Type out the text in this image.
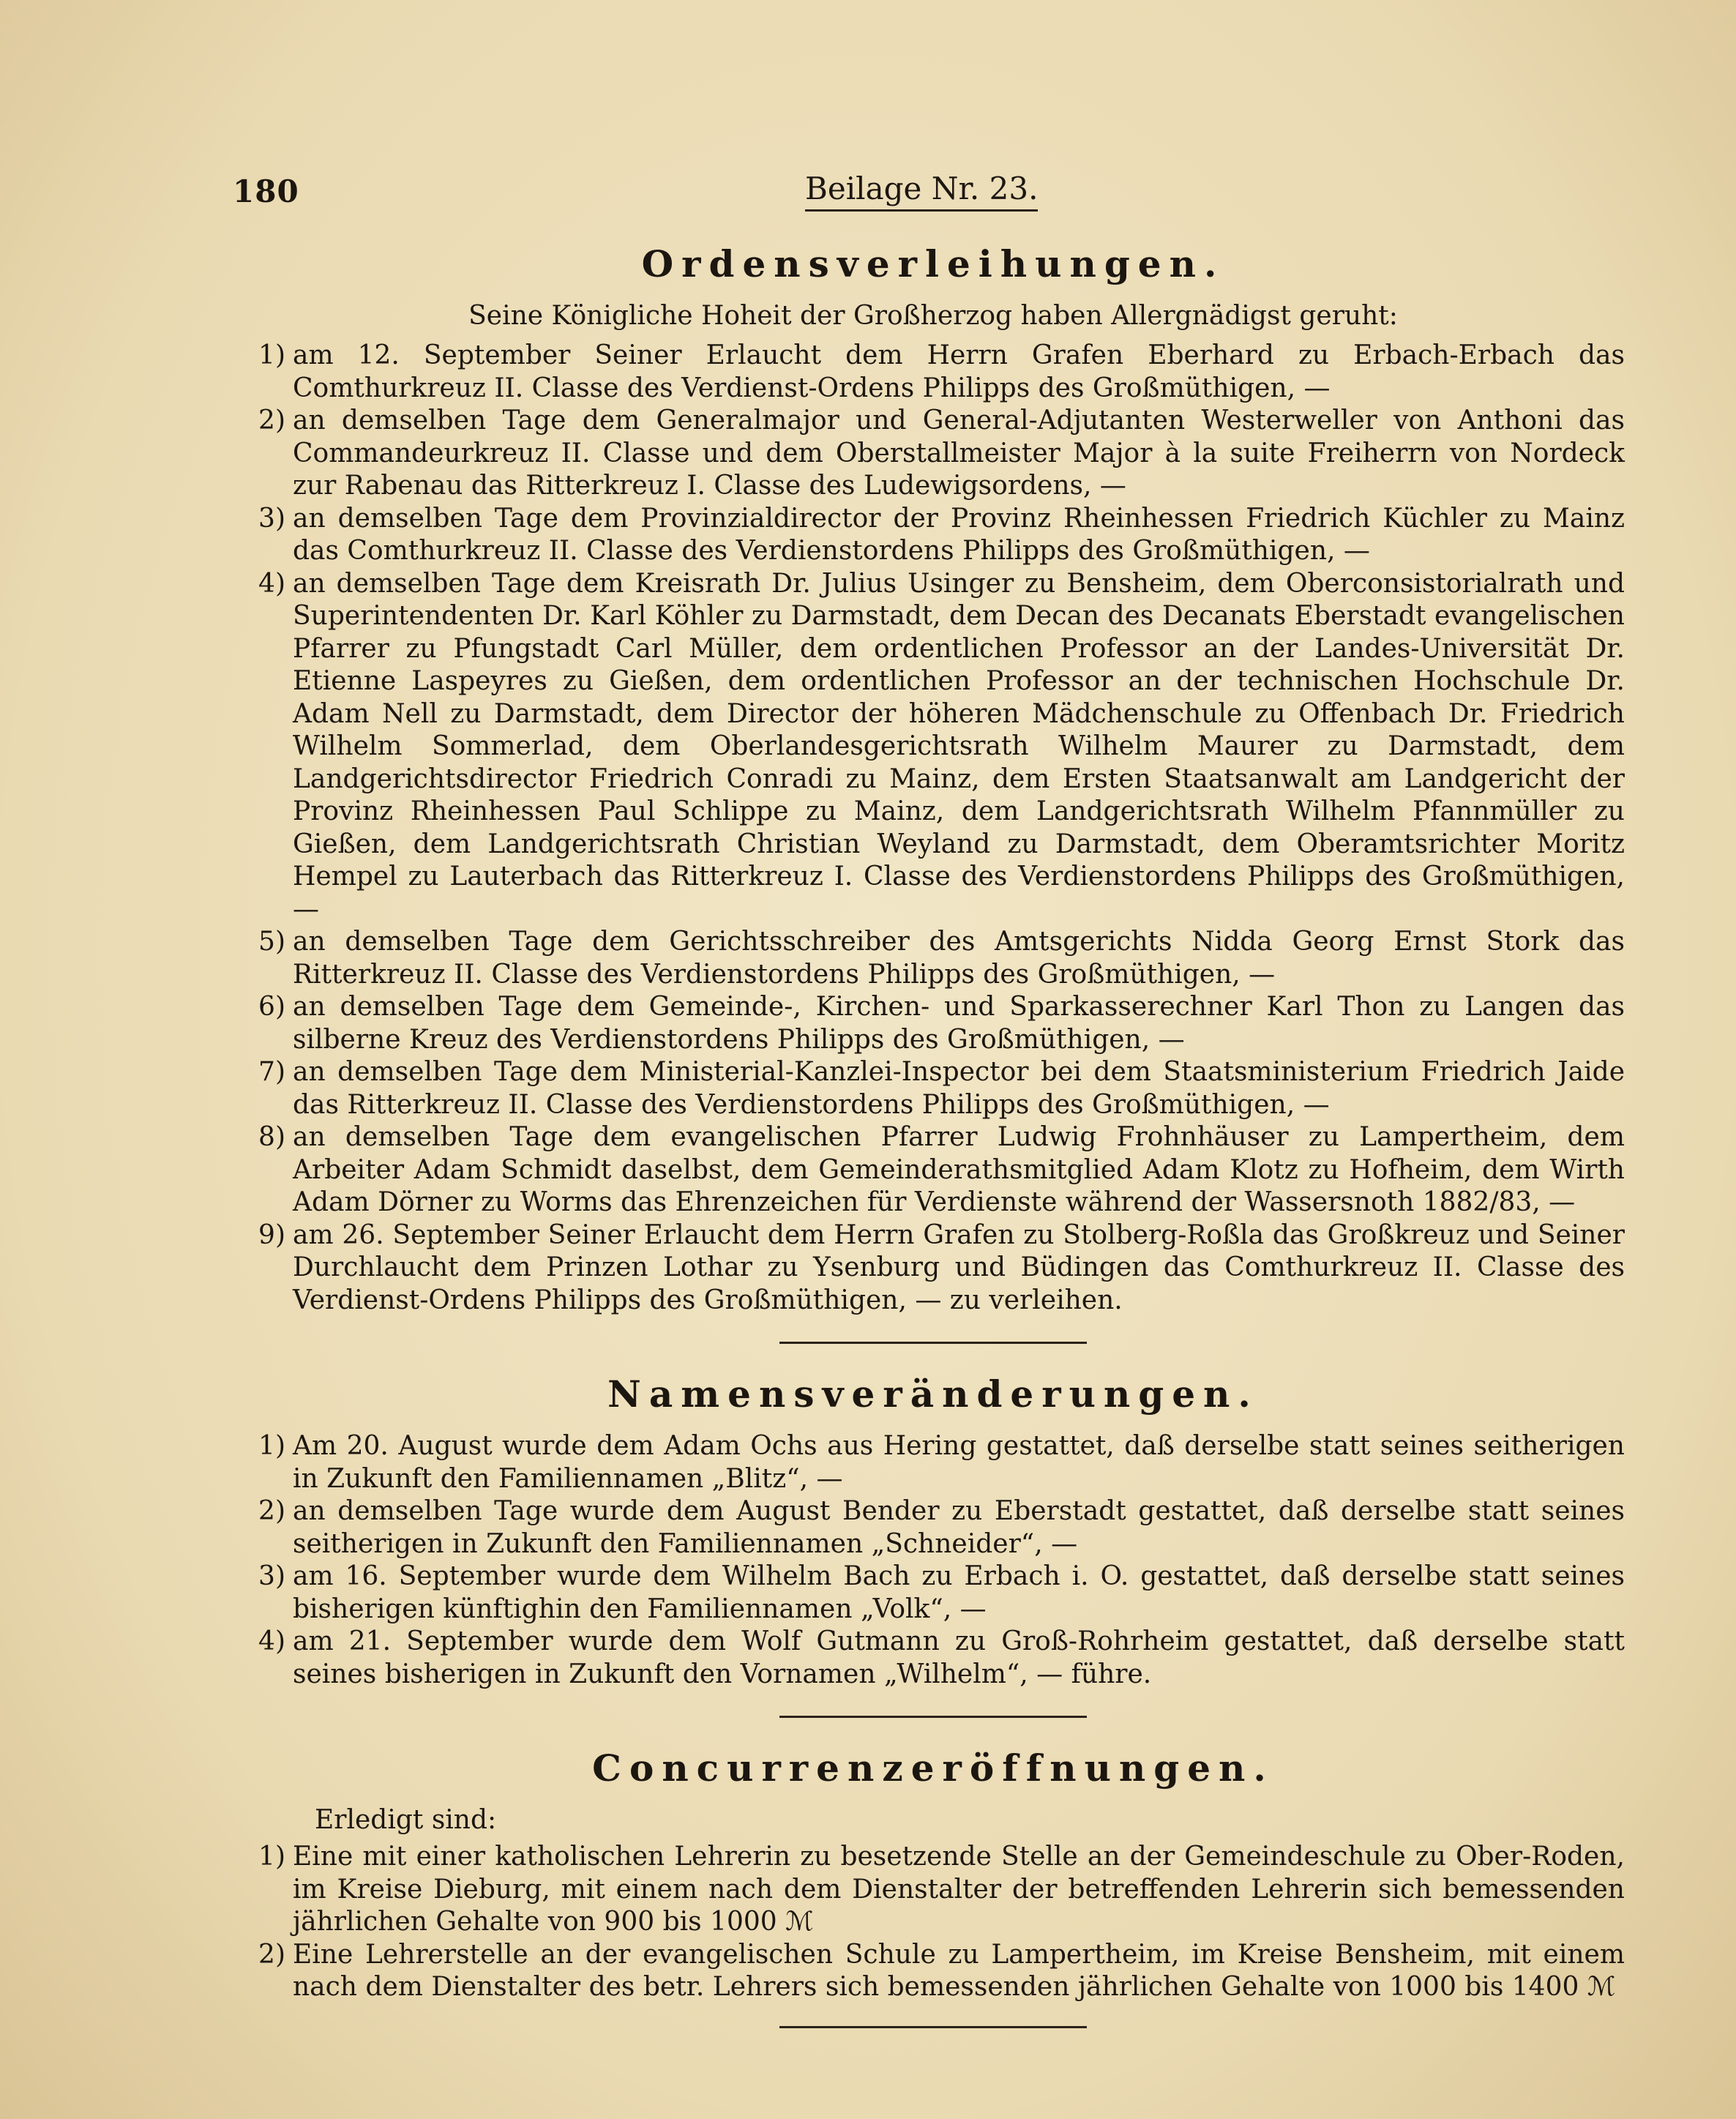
180	Beilage Nr. 23.
Ordensverleihungen.

Seine Königliche Hoheit der Großherzog haben Allergnädigst geruht:

1) am 12. September Seiner Erlaucht dem Herrn Grafen Eberhard zu Erbach-Erbach das Comthurkreuz II. Classe des Verdienst-Ordens Philipps des Großmüthigen, —
2) an demselben Tage dem Generalmajor und General-Adjutanten Westerweller von Anthoni das Commandeurkreuz II. Classe und dem Oberstallmeister Major à la suite Freiherrn von Nordeck zur Rabenau das Ritterkreuz I. Classe des Ludewigsordens, —
3) an demselben Tage dem Provinzialdirector der Provinz Rheinhessen Friedrich Küchler zu Mainz das Comthurkreuz II. Classe des Verdienstordens Philipps des Großmüthigen, —
4) an demselben Tage dem Kreisrath Dr. Julius Usinger zu Bensheim, dem Oberconsistorialrath und Superintendenten Dr. Karl Köhler zu Darmstadt, dem Decan des Decanats Eberstadt evangelischen Pfarrer zu Pfungstadt Carl Müller, dem ordentlichen Professor an der Landes-Universität Dr. Etienne Laspeyres zu Gießen, dem ordentlichen Professor an der technischen Hochschule Dr. Adam Nell zu Darmstadt, dem Director der höheren Mädchenschule zu Offenbach Dr. Friedrich Wilhelm Sommerlad, dem Oberlandesgerichtsrath Wilhelm Maurer zu Darmstadt, dem Landgerichtsdirector Friedrich Conradi zu Mainz, dem Ersten Staatsanwalt am Landgericht der Provinz Rheinhessen Paul Schlippe zu Mainz, dem Landgerichtsrath Wilhelm Pfannmüller zu Gießen, dem Landgerichtsrath Christian Weyland zu Darmstadt, dem Oberamtsrichter Moritz Hempel zu Lauterbach das Ritterkreuz I. Classe des Verdienstordens Philipps des Großmüthigen, —
5) an demselben Tage dem Gerichtsschreiber des Amtsgerichts Nidda Georg Ernst Stork das Ritterkreuz II. Classe des Verdienstordens Philipps des Großmüthigen, —
6) an demselben Tage dem Gemeinde-, Kirchen- und Sparkasserechner Karl Thon zu Langen das silberne Kreuz des Verdienstordens Philipps des Großmüthigen, —
7) an demselben Tage dem Ministerial-Kanzlei-Inspector bei dem Staatsministerium Friedrich Jaide das Ritterkreuz II. Classe des Verdienstordens Philipps des Großmüthigen, —
8) an demselben Tage dem evangelischen Pfarrer Ludwig Frohnhäuser zu Lampertheim, dem Arbeiter Adam Schmidt daselbst, dem Gemeinderathsmitglied Adam Klotz zu Hofheim, dem Wirth Adam Dörner zu Worms das Ehrenzeichen für Verdienste während der Wassersnoth 1882/83, —
9) am 26. September Seiner Erlaucht dem Herrn Grafen zu Stolberg-Roßla das Großkreuz und Seiner Durchlaucht dem Prinzen Lothar zu Ysenburg und Büdingen das Comthurkreuz II. Classe des Verdienst-Ordens Philipps des Großmüthigen, — zu verleihen.
Namensveränderungen.
1) Am 20. August wurde dem Adam Ochs aus Hering gestattet, daß derselbe statt seines seitherigen in Zukunft den Familiennamen „Blitz“, —
2) an demselben Tage wurde dem August Bender zu Eberstadt gestattet, daß derselbe statt seines seitherigen in Zukunft den Familiennamen „Schneider“, —
3) am 16. September wurde dem Wilhelm Bach zu Erbach i. O. gestattet, daß derselbe statt seines bisherigen künftighin den Familiennamen „Volk“, —
4) am 21. September wurde dem Wolf Gutmann zu Groß-Rohrheim gestattet, daß derselbe statt seines bisherigen in Zukunft den Vornamen „Wilhelm“, — führe.
Concurrenzeröffnungen.

Erledigt sind:

1) Eine mit einer katholischen Lehrerin zu besetzende Stelle an der Gemeindeschule zu Ober-Roden, im Kreise Dieburg, mit einem nach dem Dienstalter der betreffenden Lehrerin sich bemessenden jährlichen Gehalte von 900 bis 1000 ℳ
2) Eine Lehrerstelle an der evangelischen Schule zu Lampertheim, im Kreise Bensheim, mit einem nach dem Dienstalter des betr. Lehrers sich bemessenden jährlichen Gehalte von 1000 bis 1400 ℳ
